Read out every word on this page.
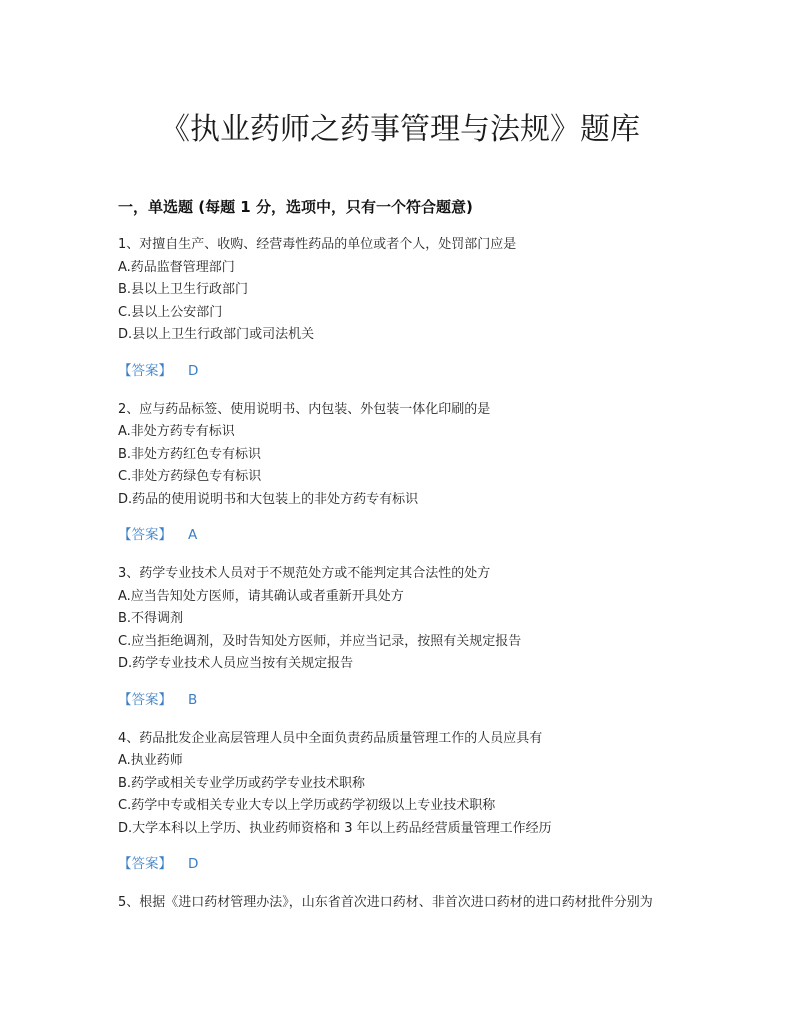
《执业药师之药事管理与法规》题库
一，单选题 (每题 1 分，选项中，只有一个符合题意)
1、对擅自生产、收购、经营毒性药品的单位或者个人，处罚部门应是
A.药品监督管理部门
B.县以上卫生行政部门
C.县以上公安部门
D.县以上卫生行政部门或司法机关
【答案】 D
2、应与药品标签、使用说明书、内包装、外包装一体化印刷的是
A.非处方药专有标识
B.非处方药红色专有标识
C.非处方药绿色专有标识
D.药品的使用说明书和大包装上的非处方药专有标识
【答案】 A
3、药学专业技术人员对于不规范处方或不能判定其合法性的处方
A.应当告知处方医师，请其确认或者重新开具处方
B.不得调剂
C.应当拒绝调剂，及时告知处方医师，并应当记录，按照有关规定报告
D.药学专业技术人员应当按有关规定报告
【答案】 B
4、药品批发企业高层管理人员中全面负责药品质量管理工作的人员应具有
A.执业药师
B.药学或相关专业学历或药学专业技术职称
C.药学中专或相关专业大专以上学历或药学初级以上专业技术职称
D.大学本科以上学历、执业药师资格和 3 年以上药品经营质量管理工作经历
【答案】 D
5、根据《进口药材管理办法》，山东省首次进口药材、非首次进口药材的进口药材批件分别为
